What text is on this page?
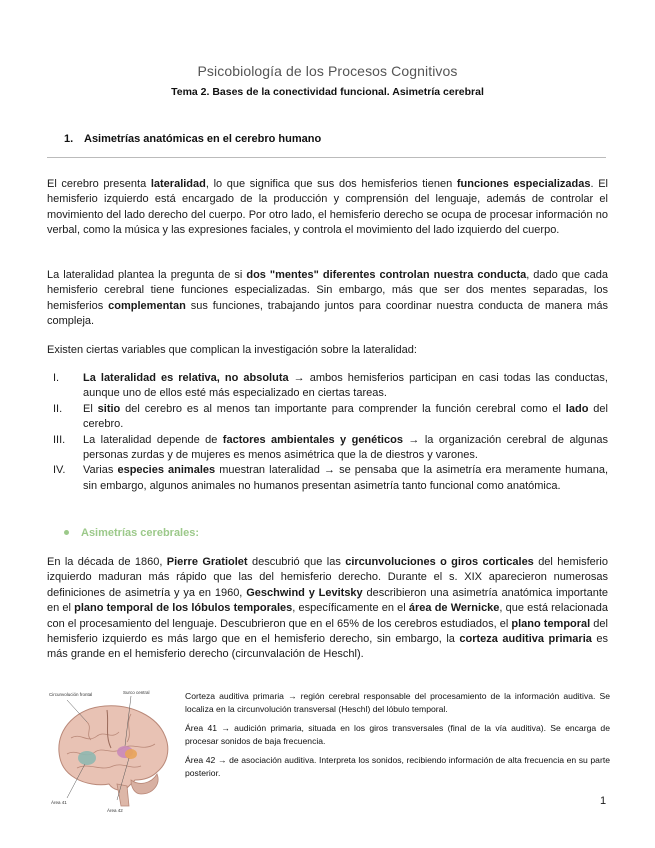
Psicobiología de los Procesos Cognitivos
Tema 2. Bases de la conectividad funcional. Asimetría cerebral
1. Asimetrías anatómicas en el cerebro humano

El cerebro presenta lateralidad, lo que significa que sus dos hemisferios tienen funciones especializadas. El hemisferio izquierdo está encargado de la producción y comprensión del lenguaje, además de controlar el movimiento del lado derecho del cuerpo. Por otro lado, el hemisferio derecho se ocupa de procesar información no verbal, como la música y las expresiones faciales, y controla el movimiento del lado izquierdo del cuerpo.

La lateralidad plantea la pregunta de si dos "mentes" diferentes controlan nuestra conducta, dado que cada hemisferio cerebral tiene funciones especializadas. Sin embargo, más que ser dos mentes separadas, los hemisferios complementan sus funciones, trabajando juntos para coordinar nuestra conducta de manera más compleja.

Existen ciertas variables que complican la investigación sobre la lateralidad:

I.	La lateralidad es relativa, no absoluta → ambos hemisferios participan en casi todas las conductas, aunque uno de ellos esté más especializado en ciertas tareas.
II.	El sitio del cerebro es al menos tan importante para comprender la función cerebral como el lado del cerebro.
III.	La lateralidad depende de factores ambientales y genéticos → la organización cerebral de algunas personas zurdas y de mujeres es menos asimétrica que la de diestros y varones.
IV.	Varias especies animales muestran lateralidad → se pensaba que la asimetría era meramente humana, sin embargo, algunos animales no humanos presentan asimetría tanto funcional como anatómica.
Asimetrías cerebrales:

En la década de 1860, Pierre Gratiolet descubrió que las circunvoluciones o giros corticales del hemisferio izquierdo maduran más rápido que las del hemisferio derecho. Durante el s. XIX aparecieron numerosas definiciones de asimetría y ya en 1960, Geschwind y Levitsky describieron una asimetría anatómica importante en el plano temporal de los lóbulos temporales, específicamente en el área de Wernicke, que está relacionada con el procesamiento del lenguaje. Descubrieron que en el 65% de los cerebros estudiados, el plano temporal del hemisferio izquierdo es más largo que en el hemisferio derecho, sin embargo, la corteza auditiva primaria es más grande en el hemisferio derecho (circunvalación de Heschl).

Circunvolución frontal	Surco central
Área 41
Área 42

Corteza auditiva primaria → región cerebral responsable del procesamiento de la información auditiva. Se localiza en la circunvolución transversal (Heschl) del lóbulo temporal.

Área 41 → audición primaria, situada en los giros transversales (final de la vía auditiva). Se encarga de procesar sonidos de baja frecuencia.

Área 42 → de asociación auditiva. Interpreta los sonidos, recibiendo información de alta frecuencia en su parte posterior.

1
